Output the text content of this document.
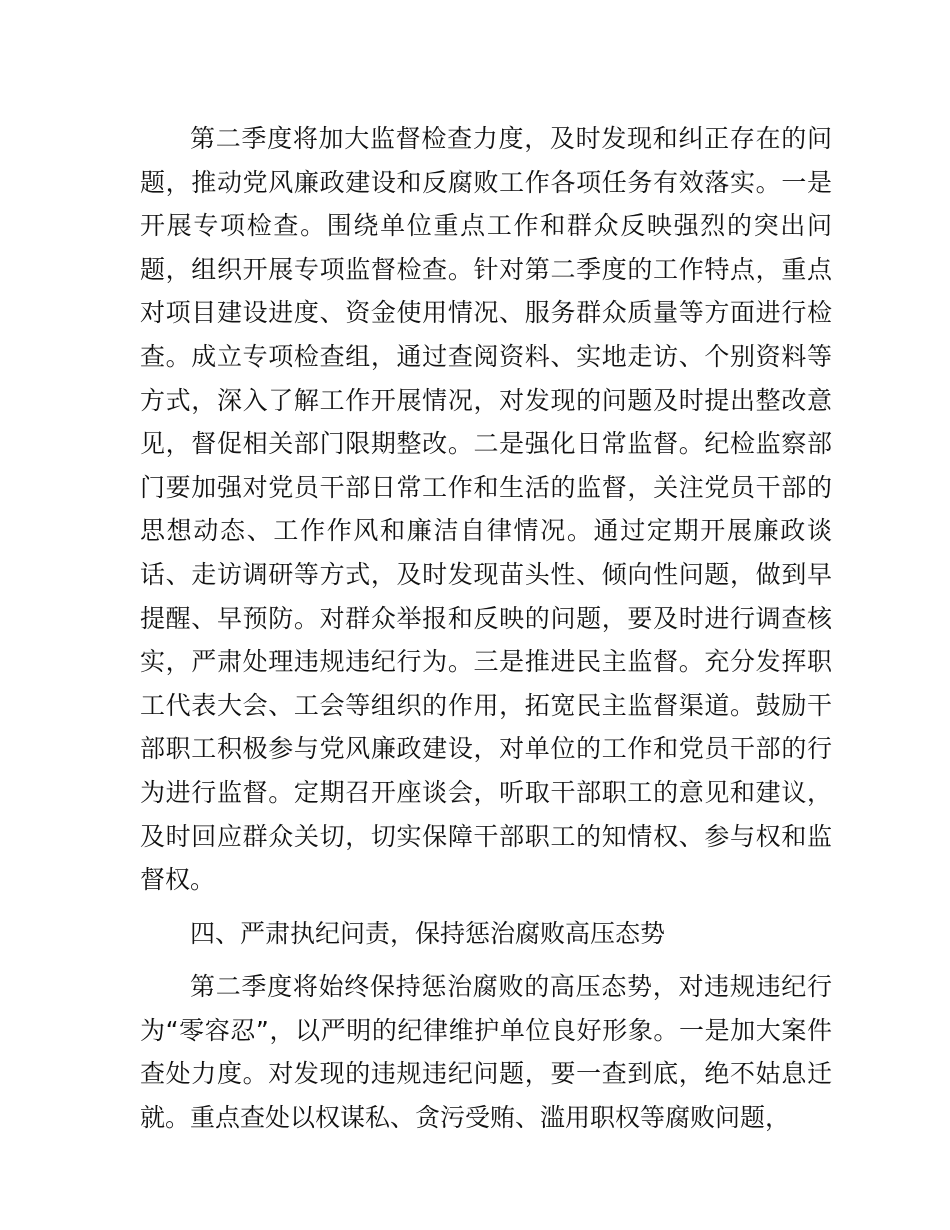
第二季度将加大监督检查力度，及时发现和纠正存在的问题，推动党风廉政建设和反腐败工作各项任务有效落实。一是开展专项检查。围绕单位重点工作和群众反映强烈的突出问题，组织开展专项监督检查。针对第二季度的工作特点，重点对项目建设进度、资金使用情况、服务群众质量等方面进行检查。成立专项检查组，通过查阅资料、实地走访、个别资料等方式，深入了解工作开展情况，对发现的问题及时提出整改意见，督促相关部门限期整改。二是强化日常监督。纪检监察部门要加强对党员干部日常工作和生活的监督，关注党员干部的思想动态、工作作风和廉洁自律情况。通过定期开展廉政谈话、走访调研等方式，及时发现苗头性、倾向性问题，做到早提醒、早预防。对群众举报和反映的问题，要及时进行调查核实，严肃处理违规违纪行为。三是推进民主监督。充分发挥职工代表大会、工会等组织的作用，拓宽民主监督渠道。鼓励干部职工积极参与党风廉政建设，对单位的工作和党员干部的行为进行监督。定期召开座谈会，听取干部职工的意见和建议，及时回应群众关切，切实保障干部职工的知情权、参与权和监督权。

四、严肃执纪问责，保持惩治腐败高压态势

第二季度将始终保持惩治腐败的高压态势，对违规违纪行为“零容忍”，以严明的纪律维护单位良好形象。一是加大案件查处力度。对发现的违规违纪问题，要一查到底，绝不姑息迁就。重点查处以权谋私、贪污受贿、滥用职权等腐败问题，
